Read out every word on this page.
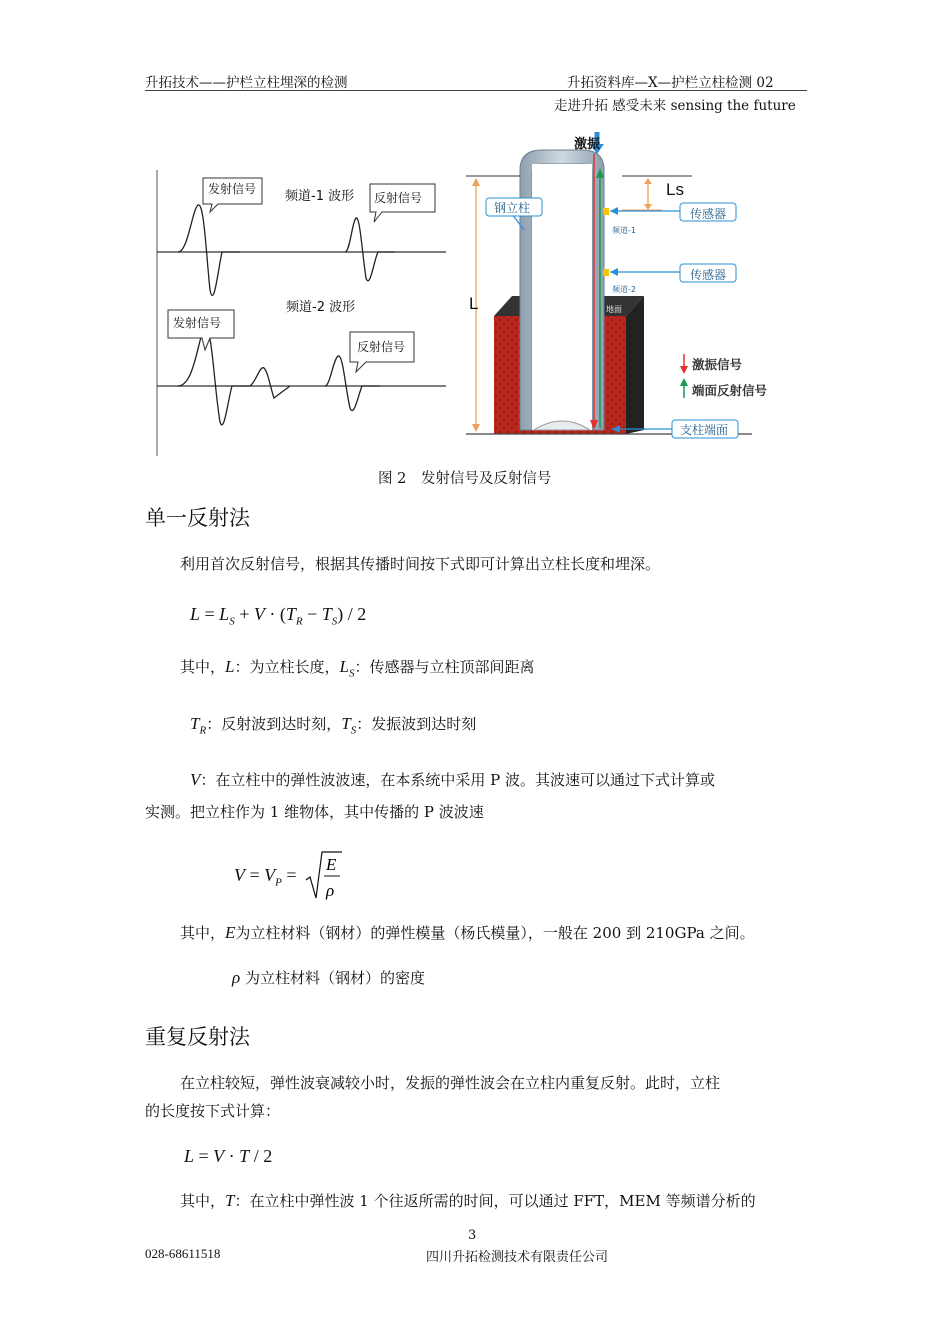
升拓技术——护栏立柱埋深的检测	升拓资料库—X—护栏立柱检测 02
走进升拓 感受未来 sensing the future
发射信号 频道-1 波形 反射信号
频道-2 波形
发射信号
反射信号
激振
Ls
L
钢立柱	传感器
传感器
频道-1
频道-2
地面
激振信号
端面反射信号
支柱端面
图 2　发射信号及反射信号
单一反射法
利用首次反射信号，根据其传播时间按下式即可计算出立柱长度和埋深。
$L = L_S + V \cdot (T_R - T_S) / 2$
其中，L：为立柱长度，$L_S$：传感器与立柱顶部间距离
$T_R$：反射波到达时刻，$T_S$：发振波到达时刻
V：在立柱中的弹性波波速，在本系统中采用 P 波。其波速可以通过下式计算或
实测。把立柱作为 1 维物体，其中传播的 P 波波速
$V = V_P$ =
E
ρ
其中，E为立柱材料（钢材）的弹性模量（杨氏模量），一般在 200 到 210GPa 之间。
ρ 为立柱材料（钢材）的密度
重复反射法
在立柱较短，弹性波衰减较小时，发振的弹性波会在立柱内重复反射。此时，立柱
的长度按下式计算：
L = V · T / 2
其中，T：在立柱中弹性波 1 个往返所需的时间，可以通过 FFT，MEM 等频谱分析的
3
028-68611518	四川升拓检测技术有限责任公司
